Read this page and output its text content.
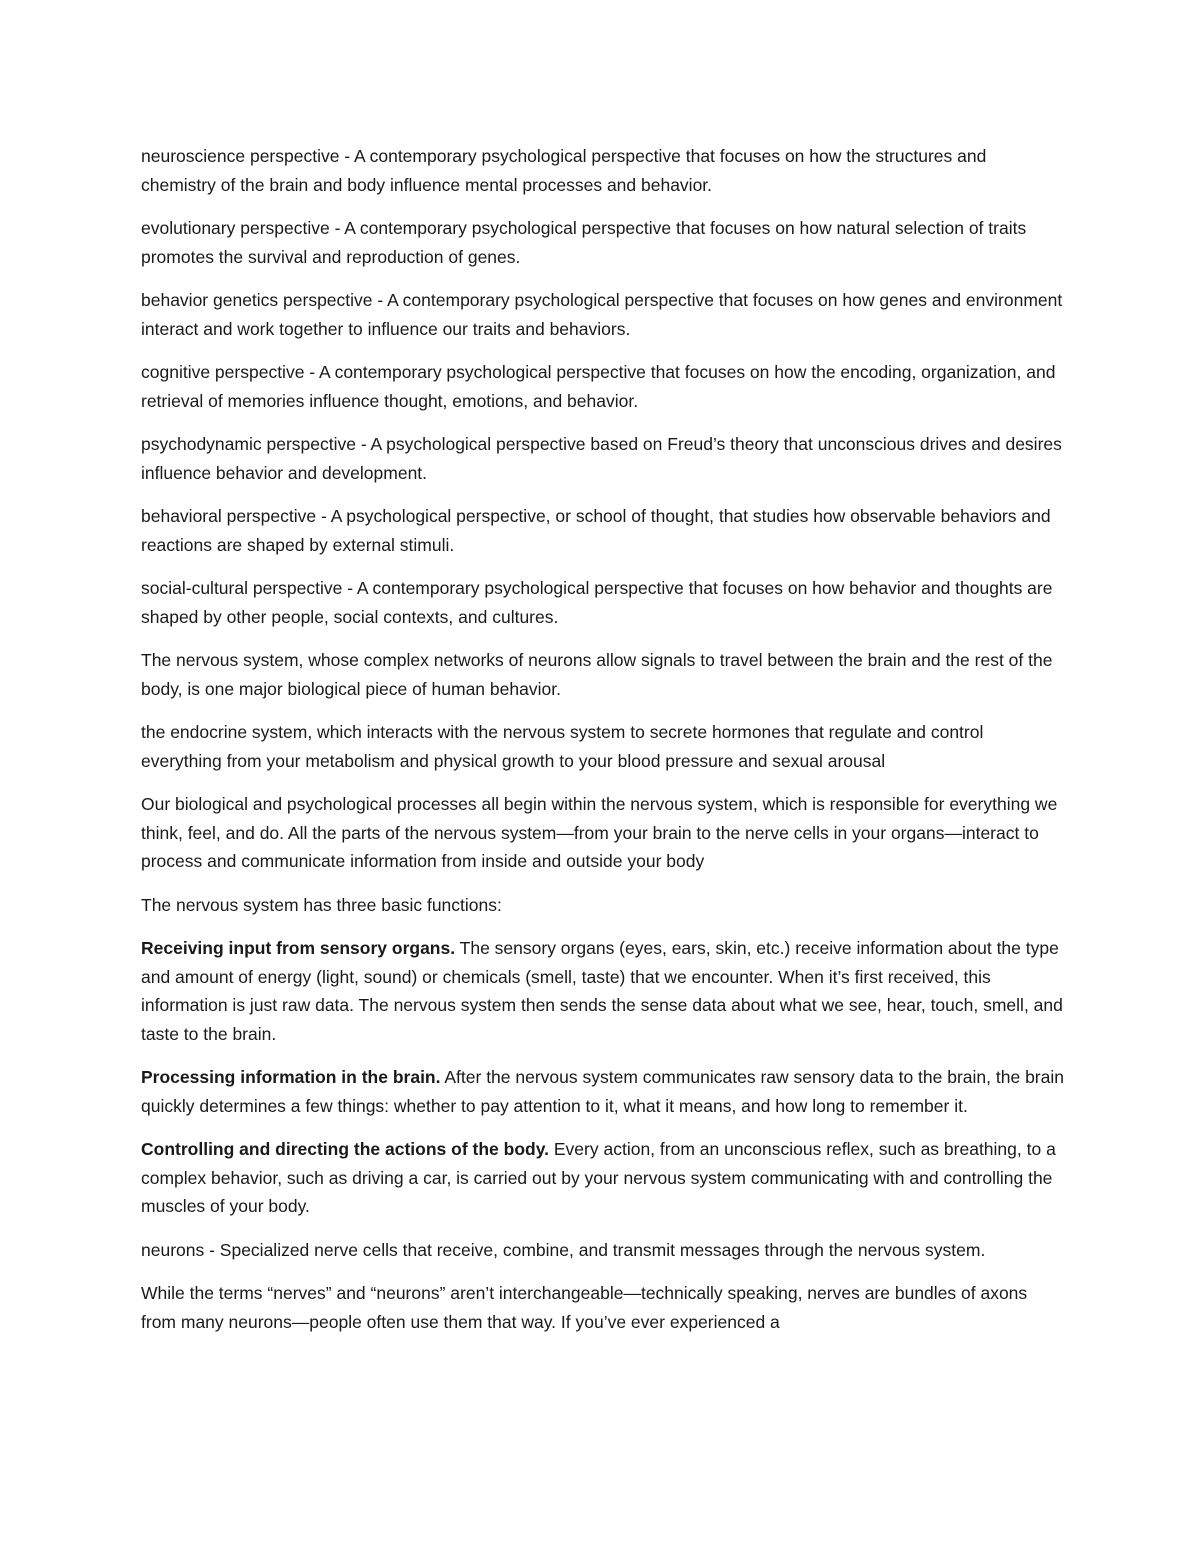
neuroscience perspective - A contemporary psychological perspective that focuses on how the structures and chemistry of the brain and body influence mental processes and behavior.

evolutionary perspective - A contemporary psychological perspective that focuses on how natural selection of traits promotes the survival and reproduction of genes.

behavior genetics perspective - A contemporary psychological perspective that focuses on how genes and environment interact and work together to influence our traits and behaviors.

cognitive perspective - A contemporary psychological perspective that focuses on how the encoding, organization, and retrieval of memories influence thought, emotions, and behavior.

psychodynamic perspective - A psychological perspective based on Freud’s theory that unconscious drives and desires influence behavior and development.

behavioral perspective - A psychological perspective, or school of thought, that studies how observable behaviors and reactions are shaped by external stimuli.

social-cultural perspective - A contemporary psychological perspective that focuses on how behavior and thoughts are shaped by other people, social contexts, and cultures.

The nervous system, whose complex networks of neurons allow signals to travel between the brain and the rest of the body, is one major biological piece of human behavior.

the endocrine system, which interacts with the nervous system to secrete hormones that regulate and control everything from your metabolism and physical growth to your blood pressure and sexual arousal

Our biological and psychological processes all begin within the nervous system, which is responsible for everything we think, feel, and do. All the parts of the nervous system—from your brain to the nerve cells in your organs—interact to process and communicate information from inside and outside your body

The nervous system has three basic functions:

Receiving input from sensory organs. The sensory organs (eyes, ears, skin, etc.) receive information about the type and amount of energy (light, sound) or chemicals (smell, taste) that we encounter. When it’s first received, this information is just raw data. The nervous system then sends the sense data about what we see, hear, touch, smell, and taste to the brain.

Processing information in the brain. After the nervous system communicates raw sensory data to the brain, the brain quickly determines a few things: whether to pay attention to it, what it means, and how long to remember it.

Controlling and directing the actions of the body. Every action, from an unconscious reflex, such as breathing, to a complex behavior, such as driving a car, is carried out by your nervous system communicating with and controlling the muscles of your body.

neurons - Specialized nerve cells that receive, combine, and transmit messages through the nervous system.

While the terms “nerves” and “neurons” aren’t interchangeable—technically speaking, nerves are bundles of axons from many neurons—people often use them that way. If you’ve ever experienced a
